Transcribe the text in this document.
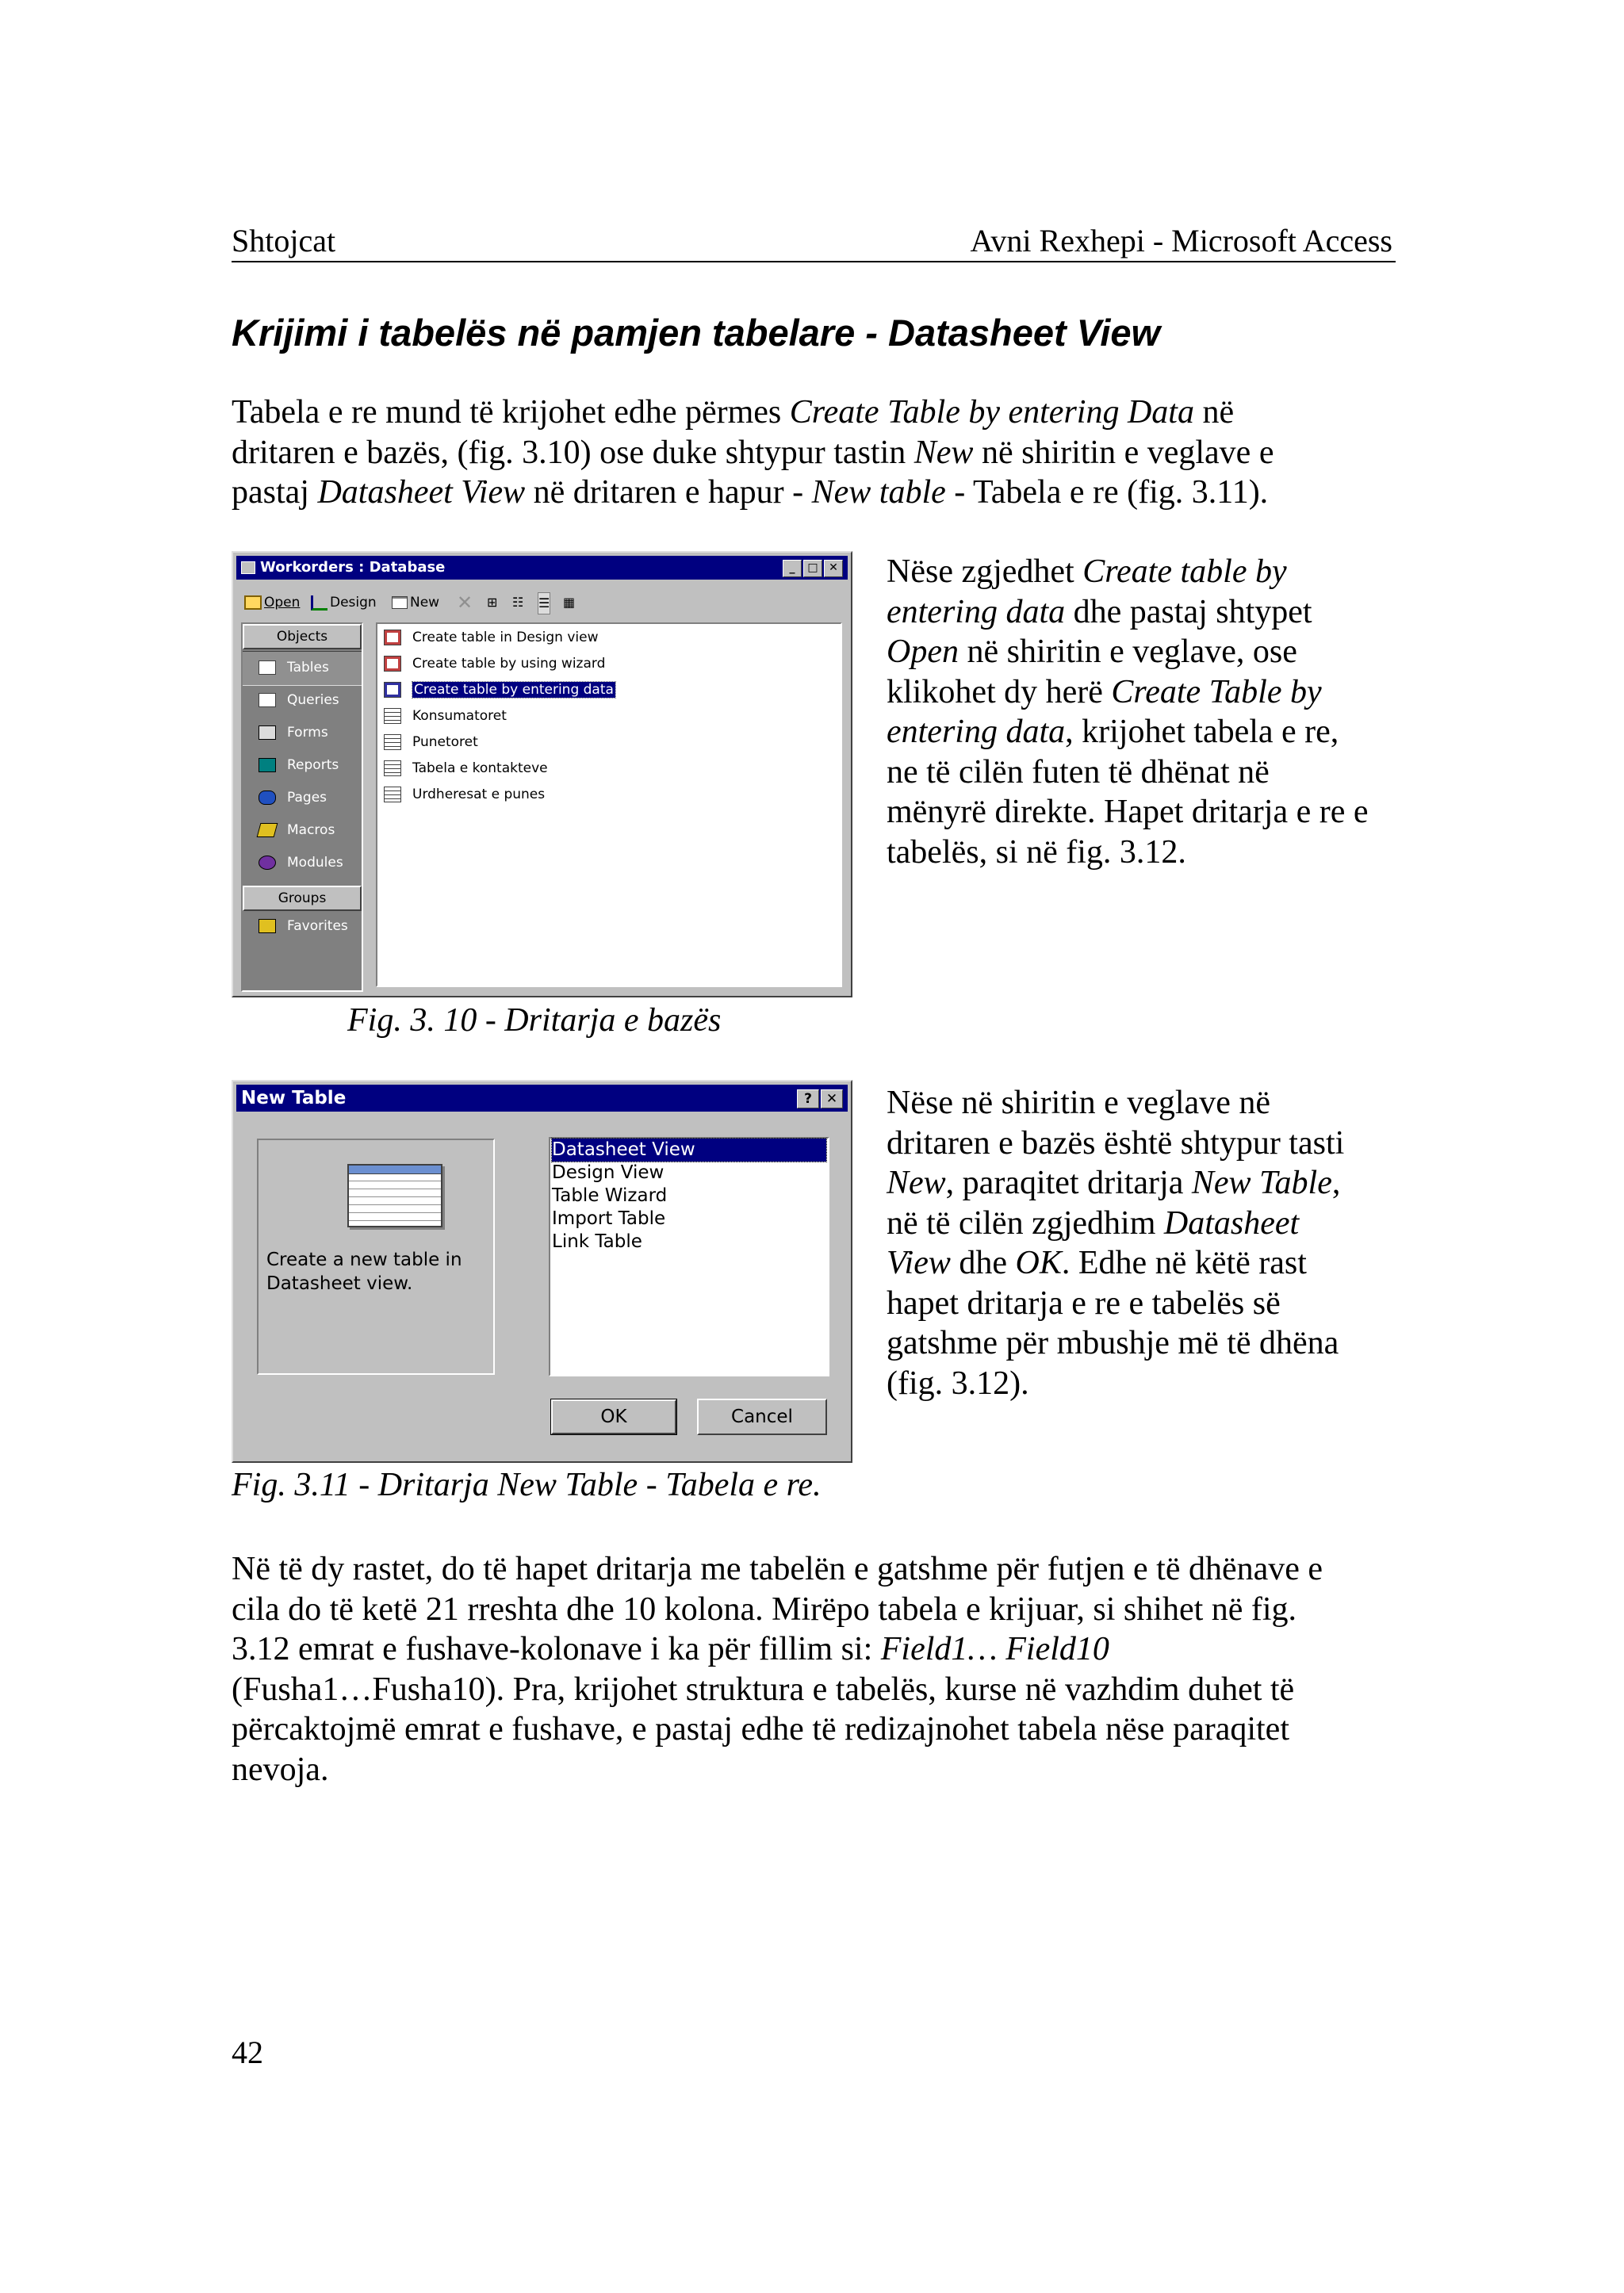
Shtojcat	Avni Rexhepi - Microsoft Access
Krijimi i tabelës në pamjen tabelare - Datasheet View

Tabela e re mund të krijohet edhe përmes Create Table by entering Data në

dritaren e bazës, (fig. 3.10) ose duke shtypur tastin New në shiritin e veglave e

pastaj Datasheet View në dritaren e hapur - New table - Tabela e re (fig. 3.11).

Workorders : Database	_	□ ✕
Open	Design	New ✕ ⊞ ☷ ☰ ▦
Objects
Tables
Queries
Forms
Reports
Pages
Macros
Modules
Groups
Favorites
Create table in Design view
Create table by using wizard
Create table by entering data
Konsumatoret
Punetoret
Tabela e kontakteve
Urdheresat e punes
Fig. 3. 10 - Dritarja e bazës

Nëse zgjedhet Create table by

entering data dhe pastaj shtypet

Open në shiritin e veglave, ose

klikohet dy herë Create Table by

entering data, krijohet tabela e re,

ne të cilën futen të dhënat në

mënyrë direkte. Hapet dritarja e re e

tabelës, si në fig. 3.12.

New Table	?	✕
Create a new table in
Datasheet view.
Datasheet View
Design View
Table Wizard
Import Table
Link Table
OK	Cancel
Fig. 3.11 - Dritarja New Table - Tabela e re.

Nëse në shiritin e veglave në

dritaren e bazës është shtypur tasti

New, paraqitet dritarja New Table,

në të cilën zgjedhim Datasheet

View dhe OK. Edhe në këtë rast

hapet dritarja e re e tabelës së

gatshme për mbushje më të dhëna

(fig. 3.12).

Në të dy rastet, do të hapet dritarja me tabelën e gatshme për futjen e të dhënave e

cila do të ketë 21 rreshta dhe 10 kolona. Mirëpo tabela e krijuar, si shihet në fig.

3.12 emrat e fushave-kolonave i ka për fillim si: Field1… Field10

(Fusha1…Fusha10). Pra, krijohet struktura e tabelës, kurse në vazhdim duhet të

përcaktojmë emrat e fushave, e pastaj edhe të redizajnohet tabela nëse paraqitet

nevoja.

42
